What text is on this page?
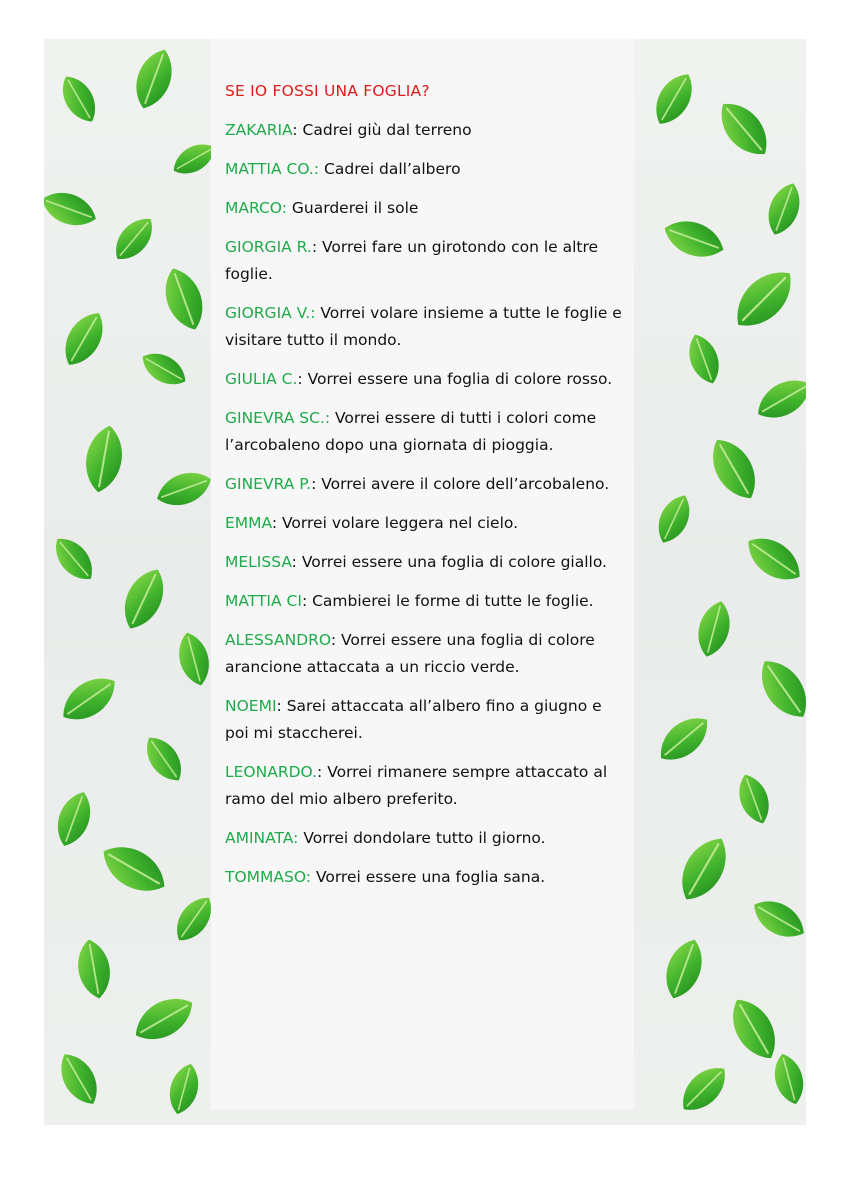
SE IO FOSSI UNA FOGLIA?
ZAKARIA: Cadrei giù dal terreno
MATTIA CO.: Cadrei dall’albero
MARCO: Guarderei il sole
GIORGIA R.: Vorrei fare un girotondo con le altre foglie.
GIORGIA V.: Vorrei volare insieme a tutte le foglie e visitare tutto il mondo.
GIULIA C.: Vorrei essere una foglia di colore rosso.
GINEVRA SC.: Vorrei essere di tutti i colori come l’arcobaleno dopo una giornata di pioggia.
GINEVRA P.: Vorrei avere il colore dell’arcobaleno.
EMMA: Vorrei volare leggera nel cielo.
MELISSA: Vorrei essere una foglia di colore giallo.
MATTIA CI: Cambierei le forme di tutte le foglie.
ALESSANDRO: Vorrei essere una foglia di colore arancione attaccata a un riccio verde.
NOEMI: Sarei attaccata all’albero fino a giugno e poi mi staccherei.
LEONARDO.: Vorrei rimanere sempre attaccato al ramo del mio albero preferito.
AMINATA: Vorrei dondolare tutto il giorno.
TOMMASO: Vorrei essere una foglia sana.
